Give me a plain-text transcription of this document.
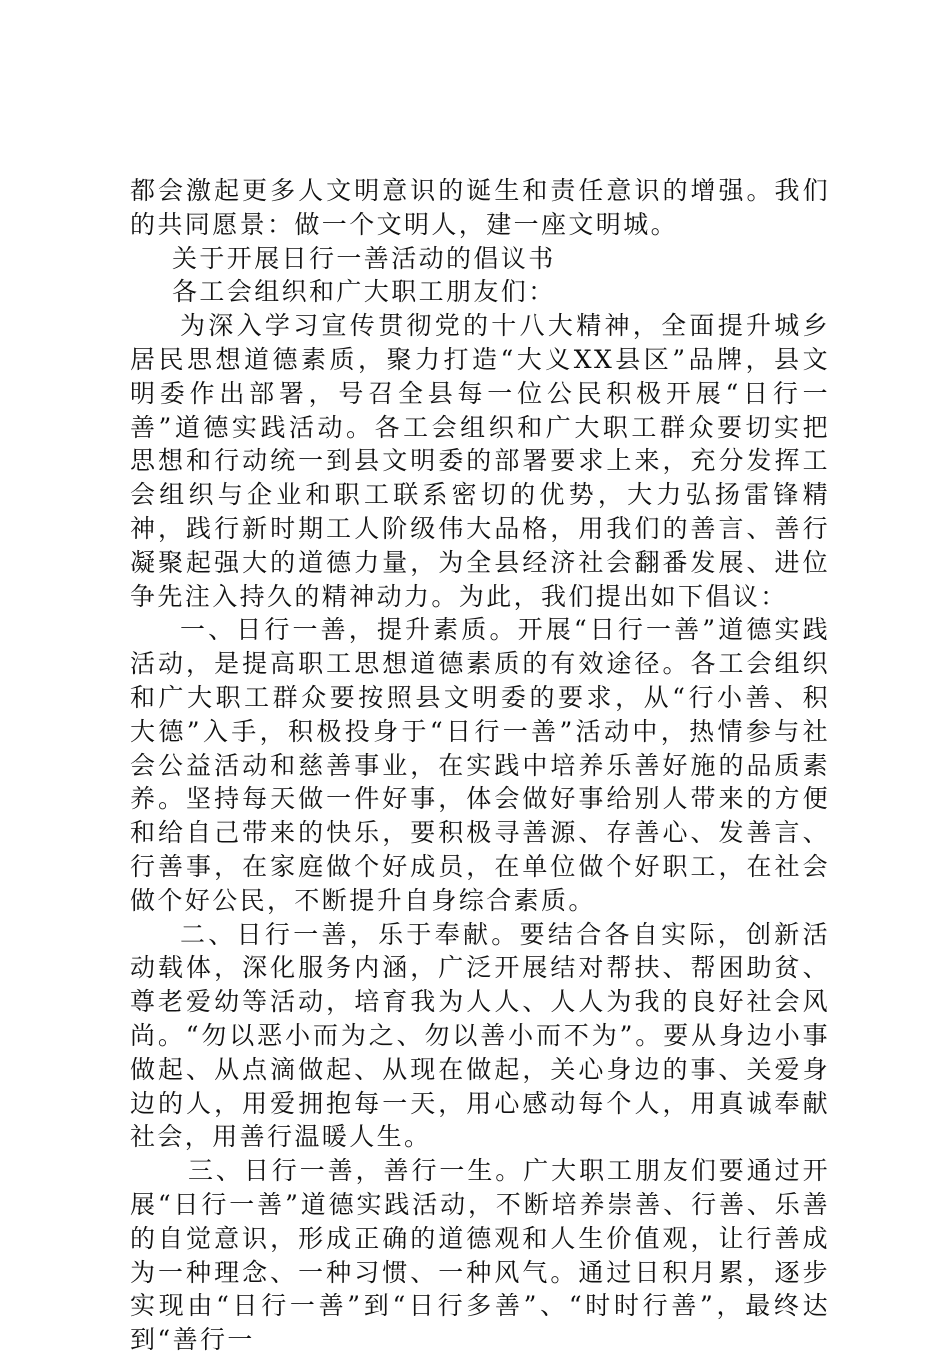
都会激起更多人文明意识的诞生和责任意识的增强。我们的共同愿景：做一个文明人，建一座文明城。

关于开展日行一善活动的倡议书

各工会组织和广大职工朋友们：

为深入学习宣传贯彻党的十八大精神，全面提升城乡居民思想道德素质，聚力打造“大义XX县区”品牌，县文明委作出部署，号召全县每一位公民积极开展“日行一善”道德实践活动。各工会组织和广大职工群众要切实把思想和行动统一到县文明委的部署要求上来，充分发挥工会组织与企业和职工联系密切的优势，大力弘扬雷锋精神，践行新时期工人阶级伟大品格，用我们的善言、善行凝聚起强大的道德力量，为全县经济社会翻番发展、进位争先注入持久的精神动力。为此，我们提出如下倡议：

一、日行一善，提升素质。开展“日行一善”道德实践活动，是提高职工思想道德素质的有效途径。各工会组织和广大职工群众要按照县文明委的要求，从“行小善、积大德”入手，积极投身于“日行一善”活动中，热情参与社会公益活动和慈善事业，在实践中培养乐善好施的品质素养。坚持每天做一件好事，体会做好事给别人带来的方便和给自己带来的快乐，要积极寻善源、存善心、发善言、行善事，在家庭做个好成员，在单位做个好职工，在社会做个好公民，不断提升自身综合素质。

二、日行一善，乐于奉献。要结合各自实际，创新活动载体，深化服务内涵，广泛开展结对帮扶、帮困助贫、尊老爱幼等活动，培育我为人人、人人为我的良好社会风尚。“勿以恶小而为之、勿以善小而不为”。要从身边小事做起、从点滴做起、从现在做起，关心身边的事、关爱身边的人，用爱拥抱每一天，用心感动每个人，用真诚奉献社会，用善行温暖人生。

三、日行一善，善行一生。广大职工朋友们要通过开展“日行一善”道德实践活动，不断培养崇善、行善、乐善的自觉意识，形成正确的道德观和人生价值观，让行善成为一种理念、一种习惯、一种风气。通过日积月累，逐步实现由“日行一善”到“日行多善”、“时时行善”，最终达到“善行一
